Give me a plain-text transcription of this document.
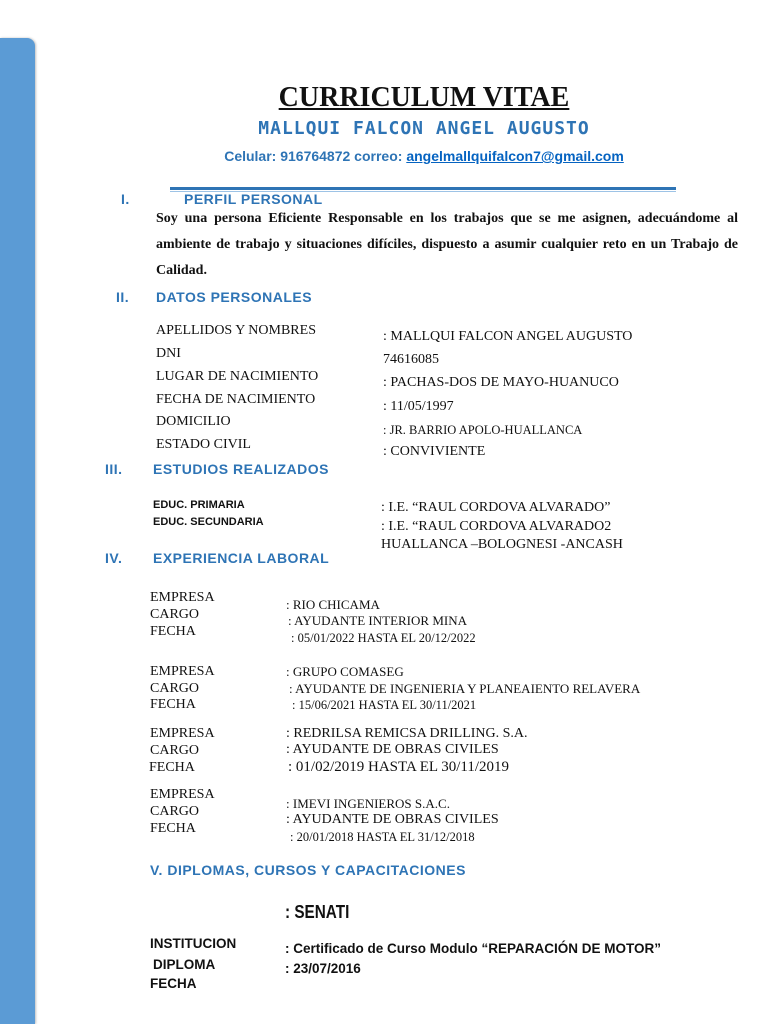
CURRICULUM VITAE
MALLQUI FALCON ANGEL AUGUSTO
Celular: 916764872 correo: angelmallquifalcon7@gmail.com
I.	PERFIL PERSONAL
Soy una persona Eficiente Responsable en los trabajos que se me asignen, adecuándome al ambiente de trabajo y situaciones difíciles, dispuesto a asumir cualquier reto en un Trabajo de Calidad.
II. DATOS PERSONALES
APELLIDOS Y NOMBRES
DNI
LUGAR DE NACIMIENTO
FECHA DE NACIMIENTO
DOMICILIO
ESTADO CIVIL
: MALLQUI FALCON ANGEL AUGUSTO
74616085
: PACHAS-DOS DE MAYO-HUANUCO
: 11/05/1997
: JR. BARRIO APOLO-HUALLANCA
: CONVIVIENTE
III. ESTUDIOS REALIZADOS
EDUC. PRIMARIA
EDUC. SECUNDARIA
: I.E. “RAUL CORDOVA ALVARADO”
: I.E. “RAUL CORDOVA ALVARADO2
HUALLANCA –BOLOGNESI -ANCASH
IV. EXPERIENCIA LABORAL
EMPRESA
CARGO
FECHA
: RIO CHICAMA
: AYUDANTE INTERIOR MINA
: 05/01/2022 HASTA EL 20/12/2022
EMPRESA
CARGO
FECHA
: GRUPO COMASEG
: AYUDANTE DE INGENIERIA Y PLANEAIENTO RELAVERA
: 15/06/2021 HASTA EL 30/11/2021
EMPRESA
CARGO
FECHA
: REDRILSA REMICSA DRILLING. S.A.
: AYUDANTE DE OBRAS CIVILES
: 01/02/2019 HASTA EL 30/11/2019
EMPRESA
CARGO
FECHA
: IMEVI INGENIEROS S.A.C.
: AYUDANTE DE OBRAS CIVILES
: 20/01/2018 HASTA EL 31/12/2018
V. DIPLOMAS, CURSOS Y CAPACITACIONES
: SENATI
INSTITUCION
DIPLOMA
FECHA
: Certificado de Curso Modulo “REPARACIÓN DE MOTOR”
: 23/07/2016
